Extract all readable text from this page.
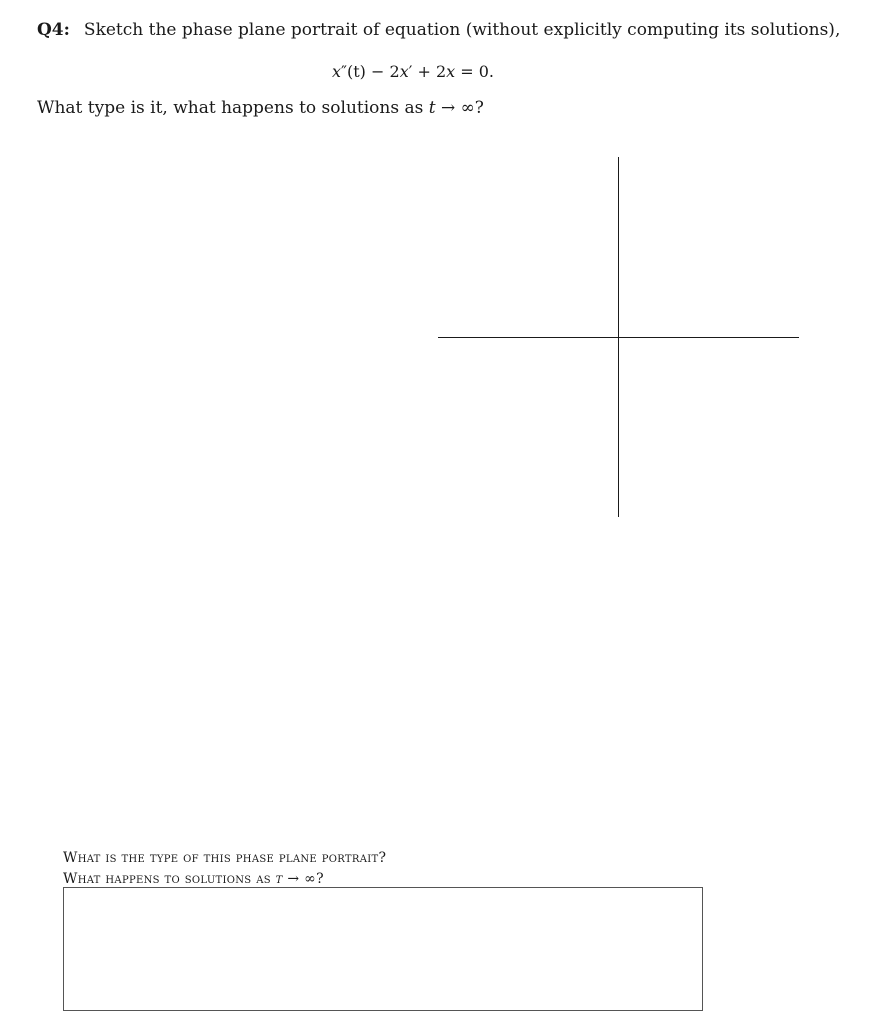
Q4: Sketch the phase plane portrait of equation (without explicitly computing its solutions),
x″(t) − 2x′ + 2x = 0.
What type is it, what happens to solutions as t → ∞?
What is the type of this phase plane portrait?
What happens to solutions as t → ∞?
